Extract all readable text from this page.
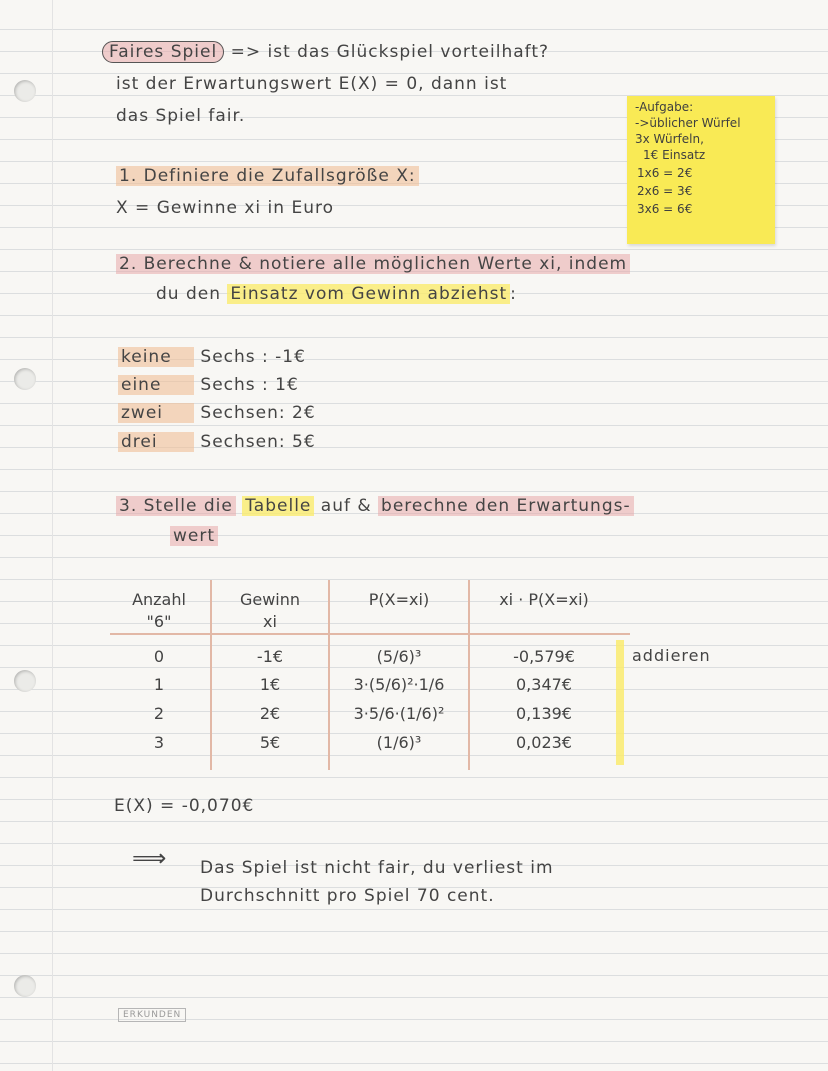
Faires Spiel => ist das Glückspiel vorteilhaft?
ist der Erwartungswert E(X) = 0, dann ist
das Spiel fair.	-Aufgabe:
->üblicher Würfel
3x Würfeln,
1€ Einsatz
1x6 = 2€
2x6 = 3€
3x6 = 6€
1. Definiere die Zufallsgröße X:
X = Gewinne xi in Euro
2. Berechne & notiere alle möglichen Werte xi, indem
du den Einsatz vom Gewinn abziehst :
keine Sechs : -1€
eine Sechs : 1€
zwei Sechsen: 2€
drei	Sechsen: 5€
3. Stelle die Tabelle auf & berechne den Erwartungs-
wert
Anzahl	Gewinn	P(X=xi)	xi · P(X=xi)
"6"	xi
0	-1€	(5/6)³	-0,579€
1	1€	3·(5/6)²·1/6	0,347€
2	2€	3·5/6·(1/6)²	0,139€
3	5€	(1/6)³	0,023€
addieren
E(X) = -0,070€
⟹ Das Spiel ist nicht fair, du verliest im
Durchschnitt pro Spiel 70 cent.
ERKUNDEN
